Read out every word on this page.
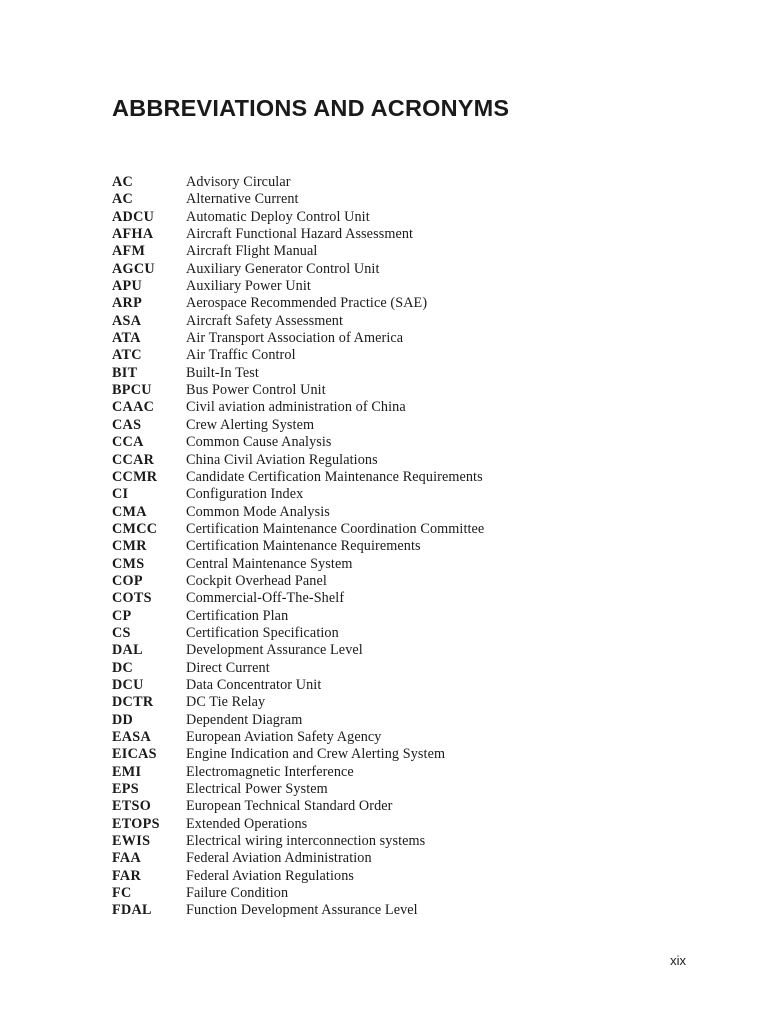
ABBREVIATIONS AND ACRONYMS
AC	Advisory Circular
AC	Alternative Current
ADCU Automatic Deploy Control Unit
AFHA Aircraft Functional Hazard Assessment
AFM	Aircraft Flight Manual
AGCU Auxiliary Generator Control Unit
APU	Auxiliary Power Unit
ARP	Aerospace Recommended Practice (SAE)
ASA	Aircraft Safety Assessment
ATA	Air Transport Association of America
ATC	Air Traffic Control
BIT	Built-In Test
BPCU Bus Power Control Unit
CAAC Civil aviation administration of China
CAS	Crew Alerting System
CCA	Common Cause Analysis
CCAR China Civil Aviation Regulations
CCMR Candidate Certification Maintenance Requirements
CI	Configuration Index
CMA	Common Mode Analysis
CMCC Certification Maintenance Coordination Committee
CMR	Certification Maintenance Requirements
CMS	Central Maintenance System
COP	Cockpit Overhead Panel
COTS Commercial-Off-The-Shelf
CP	Certification Plan
CS	Certification Specification
DAL	Development Assurance Level
DC	Direct Current
DCU	Data Concentrator Unit
DCTR DC Tie Relay
DD	Dependent Diagram
EASA European Aviation Safety Agency
EICAS Engine Indication and Crew Alerting System
EMI	Electromagnetic Interference
EPS	Electrical Power System
ETSO European Technical Standard Order
ETOPS Extended Operations
EWIS	Electrical wiring interconnection systems
FAA	Federal Aviation Administration
FAR	Federal Aviation Regulations
FC	Failure Condition
FDAL Function Development Assurance Level
xix
